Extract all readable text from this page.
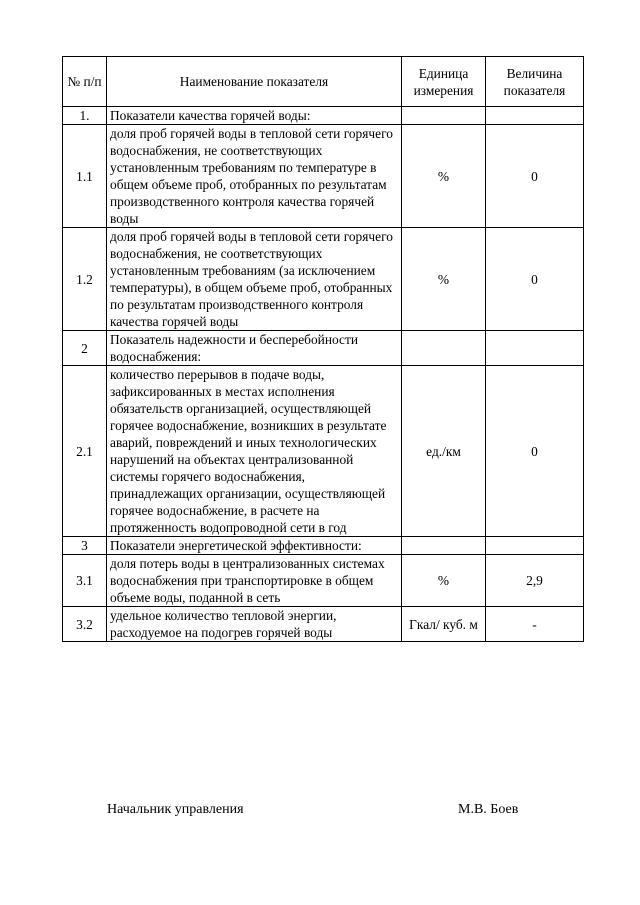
№ п/п	Наименование показателя	Единица измерения	Величина показателя
1.	Показатели качества горячей воды:		
1.1	доля проб горячей воды в тепловой сети горячего водоснабжения, не соответствующих установленным требованиям по температуре в общем объеме проб, отобранных по результатам производственного контроля качества горячей воды	%	0
1.2	доля проб горячей воды в тепловой сети горячего водоснабжения, не соответствующих установленным требованиям (за исключением температуры), в общем объеме проб, отобранных по результатам производственного контроля качества горячей воды	%	0
2	Показатель надежности и бесперебойности водоснабжения:		
2.1	количество перерывов в подаче воды, зафиксированных в местах исполнения обязательств организацией, осуществляющей горячее водоснабжение, возникших в результате аварий, повреждений и иных технологических нарушений на объектах централизованной системы горячего водоснабжения, принадлежащих организации, осуществляющей горячее водоснабжение, в расчете на протяженность водопроводной сети в год	ед./км	0
3	Показатели энергетической эффективности:		
3.1	доля потерь воды в централизованных системах водоснабжения при транспортировке в общем объеме воды, поданной в сеть	%	2,9
3.2	удельное количество тепловой энергии, расходуемое на подогрев горячей воды	Гкал/ куб. м	-
Начальник управления	М.В. Боев
